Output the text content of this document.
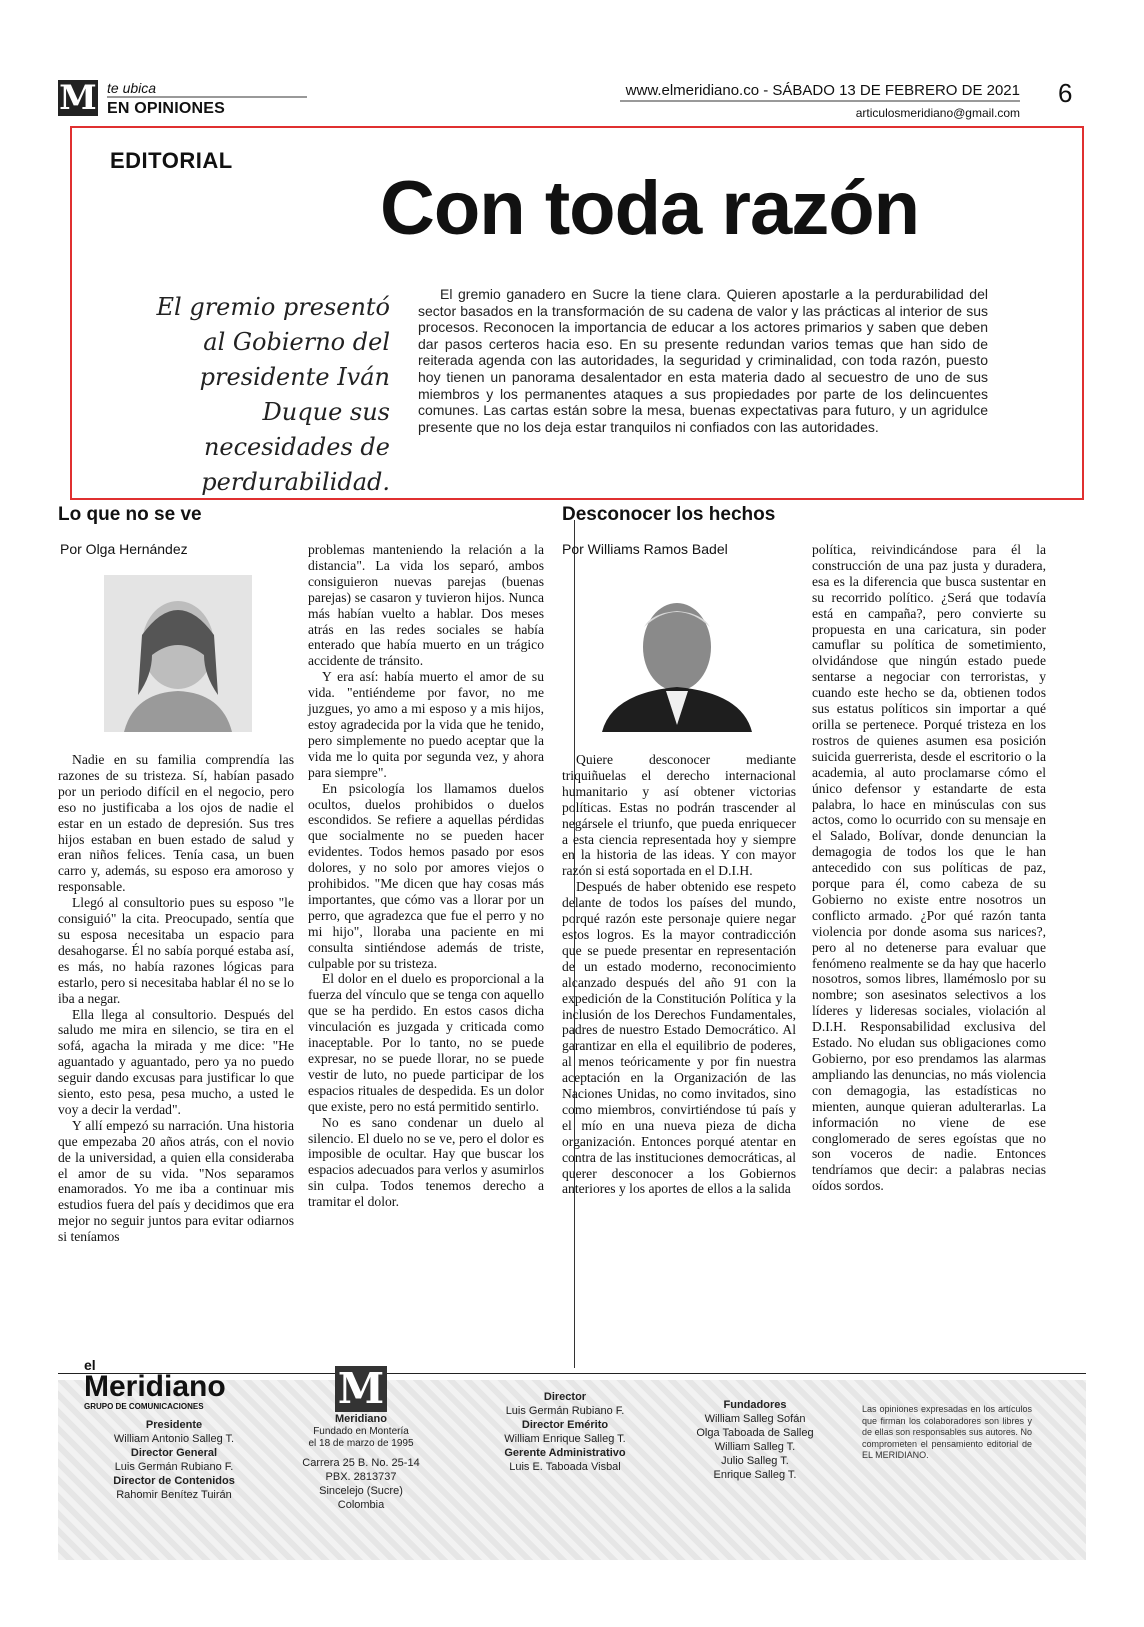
M te ubica
EN OPINIONES
www.elmeridiano.co - SÁBADO 13 DE FEBRERO DE 2021
articulosmeridiano@gmail.com
6
EDITORIAL
Con toda razón
El gremio presentó al Gobierno del presidente Iván Duque sus necesidades de perdurabilidad.
El gremio ganadero en Sucre la tiene clara. Quieren apostarle a la perdurabilidad del sector basados en la transformación de su cadena de valor y las prácticas al interior de sus procesos. Reconocen la importancia de educar a los actores primarios y saben que deben dar pasos certeros hacia eso. En su presente redundan varios temas que han sido de reiterada agenda con las autoridades, la seguridad y criminalidad, con toda razón, puesto hoy tienen un panorama desalentador en esta materia dado al secuestro de uno de sus miembros y los permanentes ataques a sus propiedades por parte de los delincuentes comunes. Las cartas están sobre la mesa, buenas expectativas para futuro, y un agridulce presente que no los deja estar tranquilos ni confiados con las autoridades.
Lo que no se ve
Por Olga Hernández

Nadie en su familia comprendía las razones de su tristeza. Sí, habían pasado por un periodo difícil en el negocio, pero eso no justificaba a los ojos de nadie el estar en un estado de depresión. Sus tres hijos estaban en buen estado de salud y eran niños felices. Tenía casa, un buen carro y, además, su esposo era amoroso y responsable.

Llegó al consultorio pues su esposo "le consiguió" la cita. Preocupado, sentía que su esposa necesitaba un espacio para desahogarse. Él no sabía porqué estaba así, es más, no había razones lógicas para estarlo, pero si necesitaba hablar él no se lo iba a negar.

Ella llega al consultorio. Después del saludo me mira en silencio, se tira en el sofá, agacha la mirada y me dice: "He aguantado y aguantado, pero ya no puedo seguir dando excusas para justificar lo que siento, esto pesa, pesa mucho, a usted le voy a decir la verdad".

Y allí empezó su narración. Una historia que empezaba 20 años atrás, con el novio de la universidad, a quien ella consideraba el amor de su vida. "Nos separamos enamorados. Yo me iba a continuar mis estudios fuera del país y decidimos que era mejor no seguir juntos para evitar odiarnos si teníamos

problemas manteniendo la relación a la distancia". La vida los separó, ambos consiguieron nuevas parejas (buenas parejas) se casaron y tuvieron hijos. Nunca más habían vuelto a hablar. Dos meses atrás en las redes sociales se había enterado que había muerto en un trágico accidente de tránsito.

Y era así: había muerto el amor de su vida. "entiéndeme por favor, no me juzgues, yo amo a mi esposo y a mis hijos, estoy agradecida por la vida que he tenido, pero simplemente no puedo aceptar que la vida me lo quita por segunda vez, y ahora para siempre".

En psicología los llamamos duelos ocultos, duelos prohibidos o duelos escondidos. Se refiere a aquellas pérdidas que socialmente no se pueden hacer evidentes. Todos hemos pasado por esos dolores, y no solo por amores viejos o prohibidos. "Me dicen que hay cosas más importantes, que cómo vas a llorar por un perro, que agradezca que fue el perro y no mi hijo", lloraba una paciente en mi consulta sintiéndose además de triste, culpable por su tristeza.

El dolor en el duelo es proporcional a la fuerza del vínculo que se tenga con aquello que se ha perdido. En estos casos dicha vinculación es juzgada y criticada como inaceptable. Por lo tanto, no se puede expresar, no se puede llorar, no se puede vestir de luto, no puede participar de los espacios rituales de despedida. Es un dolor que existe, pero no está permitido sentirlo.

No es sano condenar un duelo al silencio. El duelo no se ve, pero el dolor es imposible de ocultar. Hay que buscar los espacios adecuados para verlos y asumirlos sin culpa. Todos tenemos derecho a tramitar el dolor.

Desconocer los hechos
Por Williams Ramos Badel

Quiere desconocer mediante triquiñuelas el derecho internacional humanitario y así obtener victorias políticas. Estas no podrán trascender al negársele el triunfo, que pueda enriquecer a esta ciencia representada hoy y siempre en la historia de las ideas. Y con mayor razón si está soportada en el D.I.H.

Después de haber obtenido ese respeto delante de todos los países del mundo, porqué razón este personaje quiere negar estos logros. Es la mayor contradicción que se puede presentar en representación de un estado moderno, reconocimiento alcanzado después del año 91 con la expedición de la Constitución Política y la inclusión de los Derechos Fundamentales, padres de nuestro Estado Democrático. Al garantizar en ella el equilibrio de poderes, al menos teóricamente y por fin nuestra aceptación en la Organización de las Naciones Unidas, no como invitados, sino como miembros, convirtiéndose tú país y el mío en una nueva pieza de dicha organización. Entonces porqué atentar en contra de las instituciones democráticas, al querer desconocer a los Gobiernos anteriores y los aportes de ellos a la salida

política, reivindicándose para él la construcción de una paz justa y duradera, esa es la diferencia que busca sustentar en su recorrido político. ¿Será que todavía está en campaña?, pero convierte su propuesta en una caricatura, sin poder camuflar su política de sometimiento, olvidándose que ningún estado puede sentarse a negociar con terroristas, y cuando este hecho se da, obtienen todos sus estatus políticos sin importar a qué orilla se pertenece. Porqué tristeza en los rostros de quienes asumen esa posición suicida guerrerista, desde el escritorio o la academia, al auto proclamarse cómo el único defensor y estandarte de esta palabra, lo hace en minúsculas con sus actos, como lo ocurrido con su mensaje en el Salado, Bolívar, donde denuncian la demagogia de todos los que le han antecedido con sus políticas de paz, porque para él, como cabeza de su Gobierno no existe entre nosotros un conflicto armado. ¿Por qué razón tanta violencia por donde asoma sus narices?, pero al no detenerse para evaluar que fenómeno realmente se da hay que hacerlo nosotros, somos libres, llamémoslo por su nombre; son asesinatos selectivos a los líderes y lideresas sociales, violación al D.I.H. Responsabilidad exclusiva del Estado. No eludan sus obligaciones como Gobierno, por eso prendamos las alarmas ampliando las denuncias, no más violencia con demagogia, las estadísticas no mienten, aunque quieran adulterarlas. La información no viene de ese conglomerado de seres egoístas que no son voceros de nadie. Entonces tendríamos que decir: a palabras necias oídos sordos.

el
Meridiano
GRUPO DE COMUNICACIONES
Presidente
William Antonio Salleg T.
Director General
Luis Germán Rubiano F.
Director de Contenidos
Rahomir Benítez Tuirán
M
Meridiano
Fundado en Montería
el 18 de marzo de 1995
Carrera 25 B. No. 25-14
PBX. 2813737
Sincelejo (Sucre) Colombia
Director
Luis Germán Rubiano F.
Director Emérito
William Enrique Salleg T.
Gerente Administrativo
Luis E. Taboada Visbal
Fundadores
William Salleg Sofán
Olga Taboada de Salleg
William Salleg T.
Julio Salleg T.
Enrique Salleg T.
Las opiniones expresadas en los artículos que firman los colaboradores son libres y de ellas son responsables sus autores. No comprometen el pensamiento editorial de EL MERIDIANO.
